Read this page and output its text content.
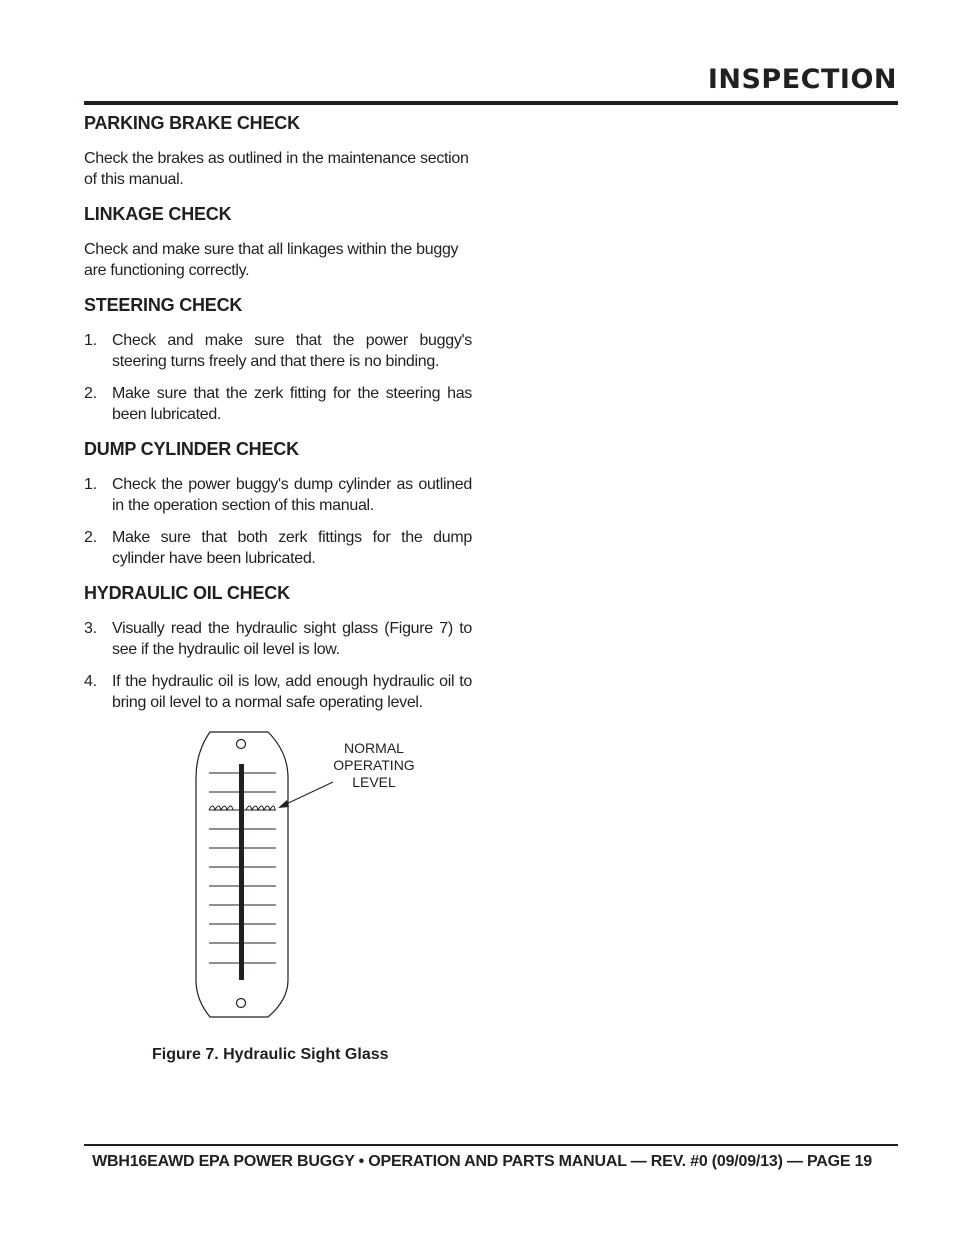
INSPECTION
PARKING BRAKE CHECK

Check the brakes as outlined in the maintenance section of this manual.

LINKAGE CHECK

Check and make sure that all linkages within the buggy are functioning correctly.

STEERING CHECK
1. Check and make sure that the power buggy's steering turns freely and that there is no binding.
2. Make sure that the zerk fitting for the steering has been lubricated.
DUMP CYLINDER CHECK
1. Check the power buggy's dump cylinder as outlined in the operation section of this manual.
2. Make sure that both zerk fittings for the dump cylinder have been lubricated.
HYDRAULIC OIL CHECK
3. Visually read the hydraulic sight glass (Figure 7) to see if the hydraulic oil level is low.
4. If the hydraulic oil is low, add enough hydraulic oil to bring oil level to a normal safe operating level.
NORMAL
OPERATING
LEVEL
Figure 7. Hydraulic Sight Glass
WBH16EAWD EPA POWER BUGGY • OPERATION AND PARTS MANUAL — REV. #0 (09/09/13) — PAGE 19
